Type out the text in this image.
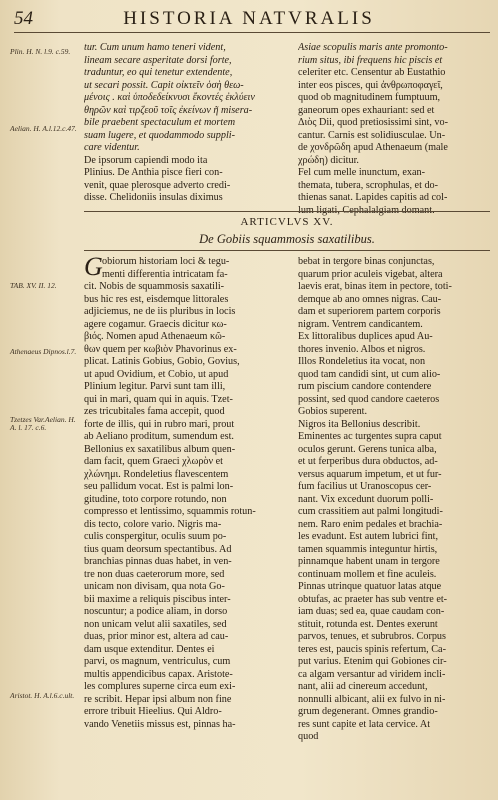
54	HISTORIA NATVRALIS
Plin. H. N. l.9. c.59.
Aelian. H. A.l.12.c.47.
TAB. XV. II. 12.
Athenaeus Dipnos.l.7.
Tzetzes Var.Aelian. H. A. l. 17. c.6.
Aristot. H. A.l.6.c.ult.
tur. Cum unum hamo teneri vident,
lineam secare asperitate dorsi forte,
traduntur, eo qui tenetur extendente,
ut secari possit. Capit οἰκτεῖν ὁσὴ θεω-
μένοις . καὶ ὑποδεδείκνυσι ἔκοντές ἐκλύειν
θηρῶν καὶ τιρζεοῦ τοῖς ἐκείνων ῆ misera-
bile praebent spectaculum et mortem
suam lugere, et quodammodo suppli-
care videntur.
De ipsorum capiendi modo ita
Plinius. De Anthia pisce fieri con-
venit, quae plerosque adverto credi-
disse. Chelidoniis insulas diximus
Asiae scopulis maris ante promonto-
rium situs, ibi frequens hic piscis et
celeriter etc. Censentur ab Eustathio
inter eos pisces, qui ἀνθρωποφαγεῖ,
quod ob magnitudinem fumptuum,
ganeorum opes exhauriant: sed et
Διὸς Dii, quod pretiosissimi sint, vo-
cantur. Carnis est solidiusculae. Un-
de χονδρῶδη apud Athenaeum (male
χρώδη) dicitur.
Fel cum melle inunctum, exan-
themata, tubera, scrophulas, et do-
thienas sanat. Lapides capitis ad col-
lum ligati, Cephalalgiam domant.
ARTICVLVS XV.
De Gobiis squammosis saxatilibus.
G obiorum historiam loci & tegu-
menti differentia intricatam fa-
cit. Nobis de squammosis saxatili-
bus hic res est, eisdemque littorales
adjiciemus, ne de iis pluribus in locis
agere cogamur. Graecis dicitur κω-
βιός. Nomen apud Athenaeum κῶ-
θων quem per κωβιὸν Phavorinus ex-
plicat. Latinis Gobius, Gobio, Govius,
ut apud Ovidium, et Cobio, ut apud
Plinium legitur. Parvi sunt tam illi,
qui in mari, quam qui in aquis. Tzet-
zes tricubitales fama accepit, quod
forte de illis, qui in rubro mari, prout
ab Aeliano proditum, sumendum est.
Bellonius ex saxatilibus album quen-
dam facit, quem Graeci χλωρὸν et
χλώνημι. Rondeletius flavescentem
seu pallidum vocat. Est is palmi lon-
gitudine, toto corpore rotundo, non
compresso et lentissimo, squammis rotun-
dis tecto, colore vario. Nigris ma-
culis conspergitur, oculis suum po-
tius quam deorsum spectantibus. Ad
branchias pinnas duas habet, in ven-
tre non duas caeterorum more, sed
unicam non divisam, qua nota Go-
bii maxime a reliquis piscibus inter-
noscuntur; a podice aliam, in dorso
non unicam velut alii saxatiles, sed
duas, prior minor est, altera ad cau-
dam usque extenditur. Dentes ei
parvi, os magnum, ventriculus, cum
multis appendicibus capax. Aristote-
les complures superne circa eum exi-
re scribit. Hepar ipsi album non fine
errore tribuit Hieelius. Qui Aldro-
vando Venetiis missus est, pinnas ha-
bebat in tergore binas conjunctas,
quarum prior aculeis vigebat, altera
laevis erat, binas item in pectore, toti-
demque ab ano omnes nigras. Cau-
dam et superiorem partem corporis
nigram. Ventrem candicantem.
Ex littoralibus duplices apud Au-
thores invenio. Albos et nigros.
Illos Rondeletius ita vocat, non
quod tam candidi sint, ut cum alio-
rum piscium candore contendere
possint, sed quod candore caeteros
Gobios superent.
Nigros ita Bellonius describit.
Eminentes ac turgentes supra caput
oculos gerunt. Gerens tunica alba,
et ut ferperibus dura obductos, ad-
versus aquarum impetum, et ut fur-
fum facilius ut Uranoscopus cer-
nant. Vix excedunt duorum polli-
cum crassitiem aut palmi longitudi-
nem. Raro enim pedales et brachia-
les evadunt. Est autem lubrici fint,
tamen squammis integuntur hirtis,
pinnamque habent unam in tergore
continuam mollem et fine aculeis.
Pinnas utrinque quatuor latas atque
obtufas, ac praeter has sub ventre et-
iam duas; sed ea, quae caudam con-
stituit, rotunda est. Dentes exerunt
parvos, tenues, et subrubros. Corpus
teres est, paucis spinis refertum, Ca-
put varius. Etenim qui Gobiones cir-
ca algam versantur ad viridem incli-
nant, alii ad cinereum accedunt,
nonnulli albicant, alii ex fulvo in ni-
grum degenerant. Omnes grandio-
res sunt capite et lata cervice. At
quod
